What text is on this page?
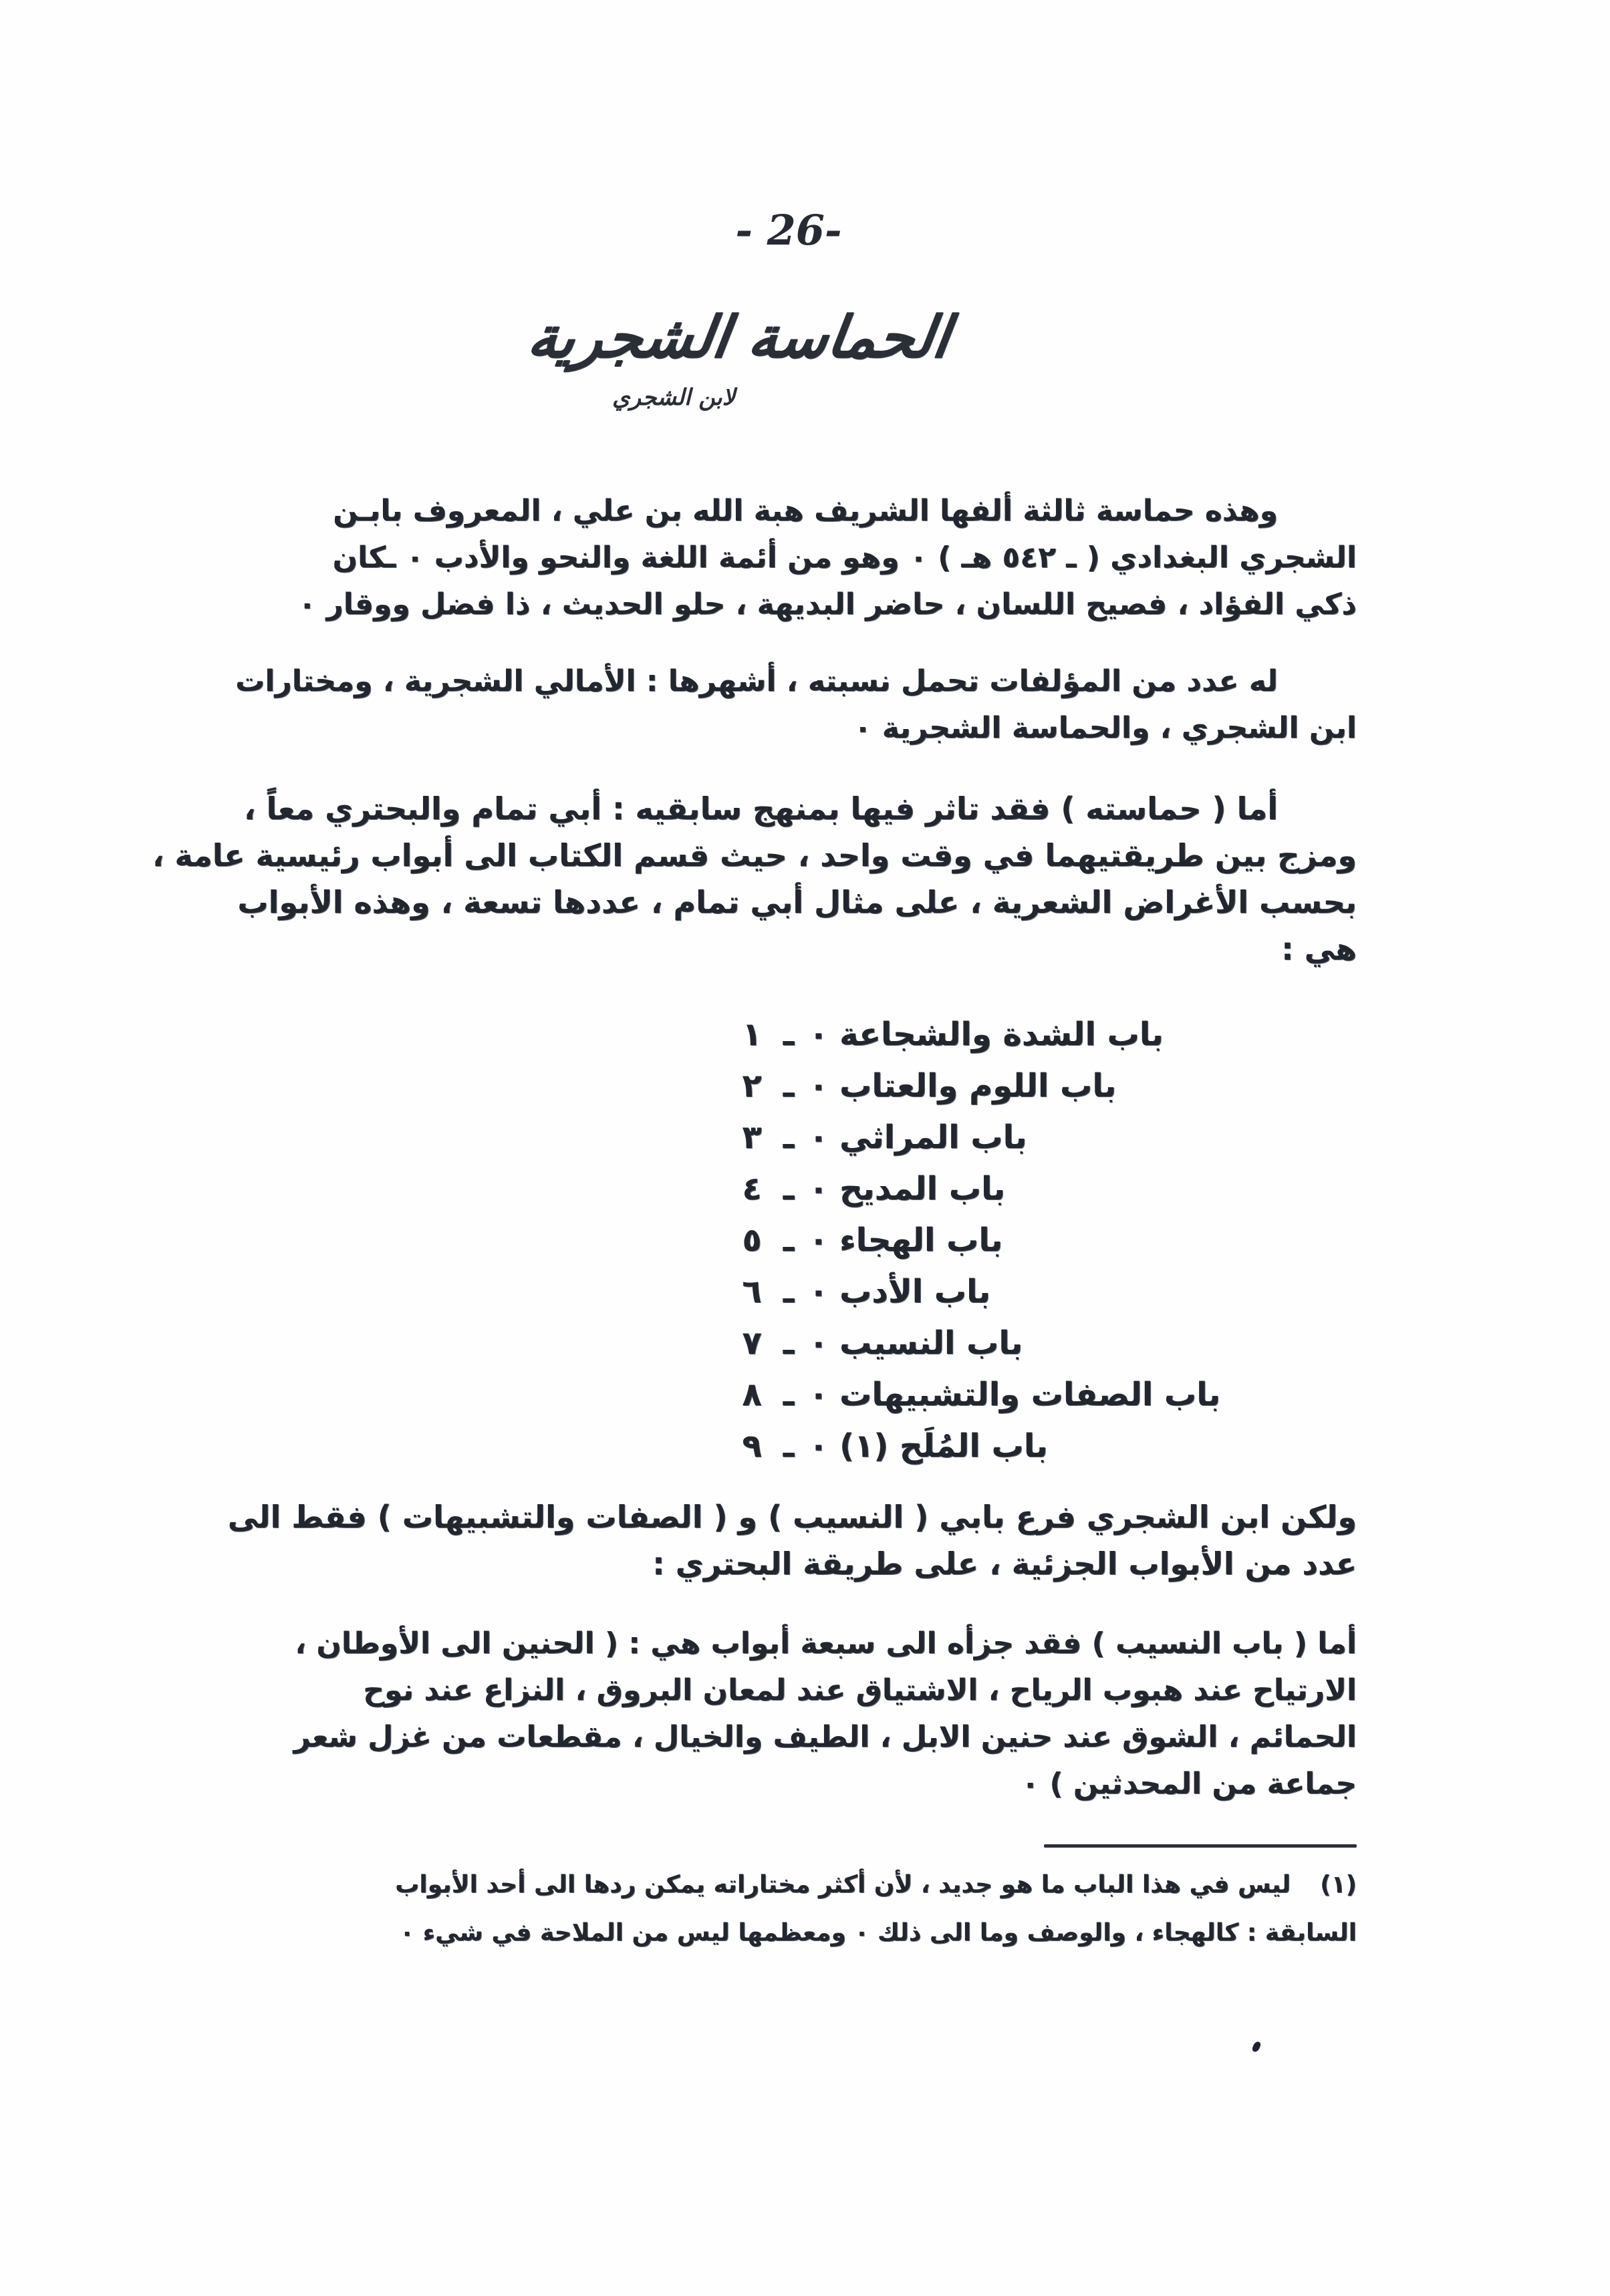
- 26-
الحماسة الشجرية
لابن الشجري
وهذه حماسة ثالثة ألفها الشريف هبة الله بن علي ، المعروف بابـن
الشجري البغدادي ( ـ ٥٤٢ هـ ) ٠ وهو من أئمة اللغة والنحو والأدب ٠ ـكان
ذكي الفؤاد ، فصيح اللسان ، حاضر البديهة ، حلو الحديث ، ذا فضل ووقار ٠
له عدد من المؤلفات تحمل نسبته ، أشهرها : الأمالي الشجرية ، ومختارات
ابن الشجري ، والحماسة الشجرية ٠
أما ( حماسته ) فقد تاثر فيها بمنهج سابقيه : أبي تمام والبحتري معاً ،
ومزج بين طريقتيهما في وقت واحد ، حيث قسم الكتاب الى أبواب رئيسية عامة ،
بحسب الأغراض الشعرية ، على مثال أبي تمام ، عددها تسعة ، وهذه الأبواب
هي :
١ ـ باب الشدة والشجاعة ٠
٢ ـ باب اللوم والعتاب ٠
٣ ـ باب المراثي ٠
٤ ـ باب المديح ٠
٥ ـ باب الهجاء ٠
٦ ـ باب الأدب ٠
٧ ـ باب النسيب ٠
٨ ـ باب الصفات والتشبيهات ٠
٩ ـ باب المُلَح (١) ٠
ولكن ابن الشجري فرع بابي ( النسيب ) و ( الصفات والتشبيهات ) فقط الى
عدد من الأبواب الجزئية ، على طريقة البحتري :
أما ( باب النسيب ) فقد جزأه الى سبعة أبواب هي : ( الحنين الى الأوطان ،
الارتياح عند هبوب الرياح ، الاشتياق عند لمعان البروق ، النزاع عند نوح
الحمائم ، الشوق عند حنين الابل ، الطيف والخيال ، مقطعات من غزل شعر
جماعة من المحدثين ) ٠
(١)ليس في هذا الباب ما هو جديد ، لأن أكثر مختاراته يمكن ردها الى أحد الأبواب
السابقة : كالهجاء ، والوصف وما الى ذلك ٠ ومعظمها ليس من الملاحة في شيء ٠
